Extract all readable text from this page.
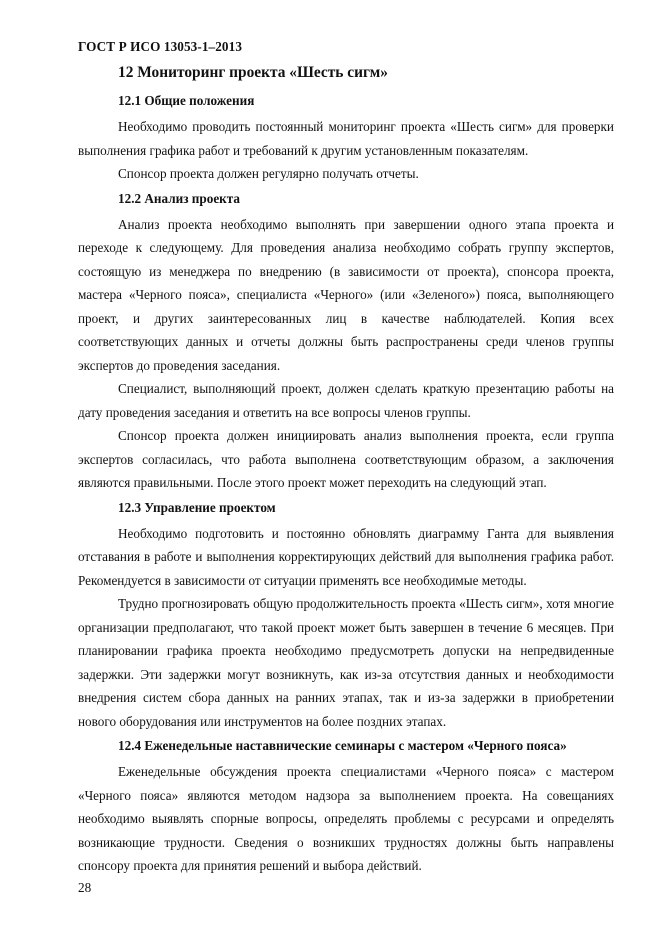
ГОСТ Р ИСО 13053-1–2013
12 Мониторинг проекта «Шесть сигм»
12.1 Общие положения

Необходимо проводить постоянный мониторинг проекта «Шесть сигм» для проверки выполнения графика работ и требований к другим установленным показателям.

Спонсор проекта должен регулярно получать отчеты.

12.2 Анализ проекта

Анализ проекта необходимо выполнять при завершении одного этапа проекта и переходе к следующему. Для проведения анализа необходимо собрать группу экспертов, состоящую из менеджера по внедрению (в зависимости от проекта), спонсора проекта, мастера «Черного пояса», специалиста «Черного» (или «Зеленого») пояса, выполняющего проект, и других заинтересованных лиц в качестве наблюдателей. Копия всех соответствующих данных и отчеты должны быть распространены среди членов группы экспертов до проведения заседания.

Специалист, выполняющий проект, должен сделать краткую презентацию работы на дату проведения заседания и ответить на все вопросы членов группы.

Спонсор проекта должен инициировать анализ выполнения проекта, если группа экспертов согласилась, что работа выполнена соответствующим образом, а заключения являются правильными. После этого проект может переходить на следующий этап.

12.3 Управление проектом

Необходимо подготовить и постоянно обновлять диаграмму Ганта для выявления отставания в работе и выполнения корректирующих действий для выполнения графика работ. Рекомендуется в зависимости от ситуации применять все необходимые методы.

Трудно прогнозировать общую продолжительность проекта «Шесть сигм», хотя многие организации предполагают, что такой проект может быть завершен в течение 6 месяцев. При планировании графика проекта необходимо предусмотреть допуски на непредвиденные задержки. Эти задержки могут возникнуть, как из-за отсутствия данных и необходимости внедрения систем сбора данных на ранних этапах, так и из-за задержки в приобретении нового оборудования или инструментов на более поздних этапах.

12.4 Еженедельные наставнические семинары с мастером «Черного пояса»

Еженедельные обсуждения проекта специалистами «Черного пояса» с мастером «Черного пояса» являются методом надзора за выполнением проекта. На совещаниях необходимо выявлять спорные вопросы, определять проблемы с ресурсами и определять возникающие трудности. Сведения о возникших трудностях должны быть направлены спонсору проекта для принятия решений и выбора действий.

28
